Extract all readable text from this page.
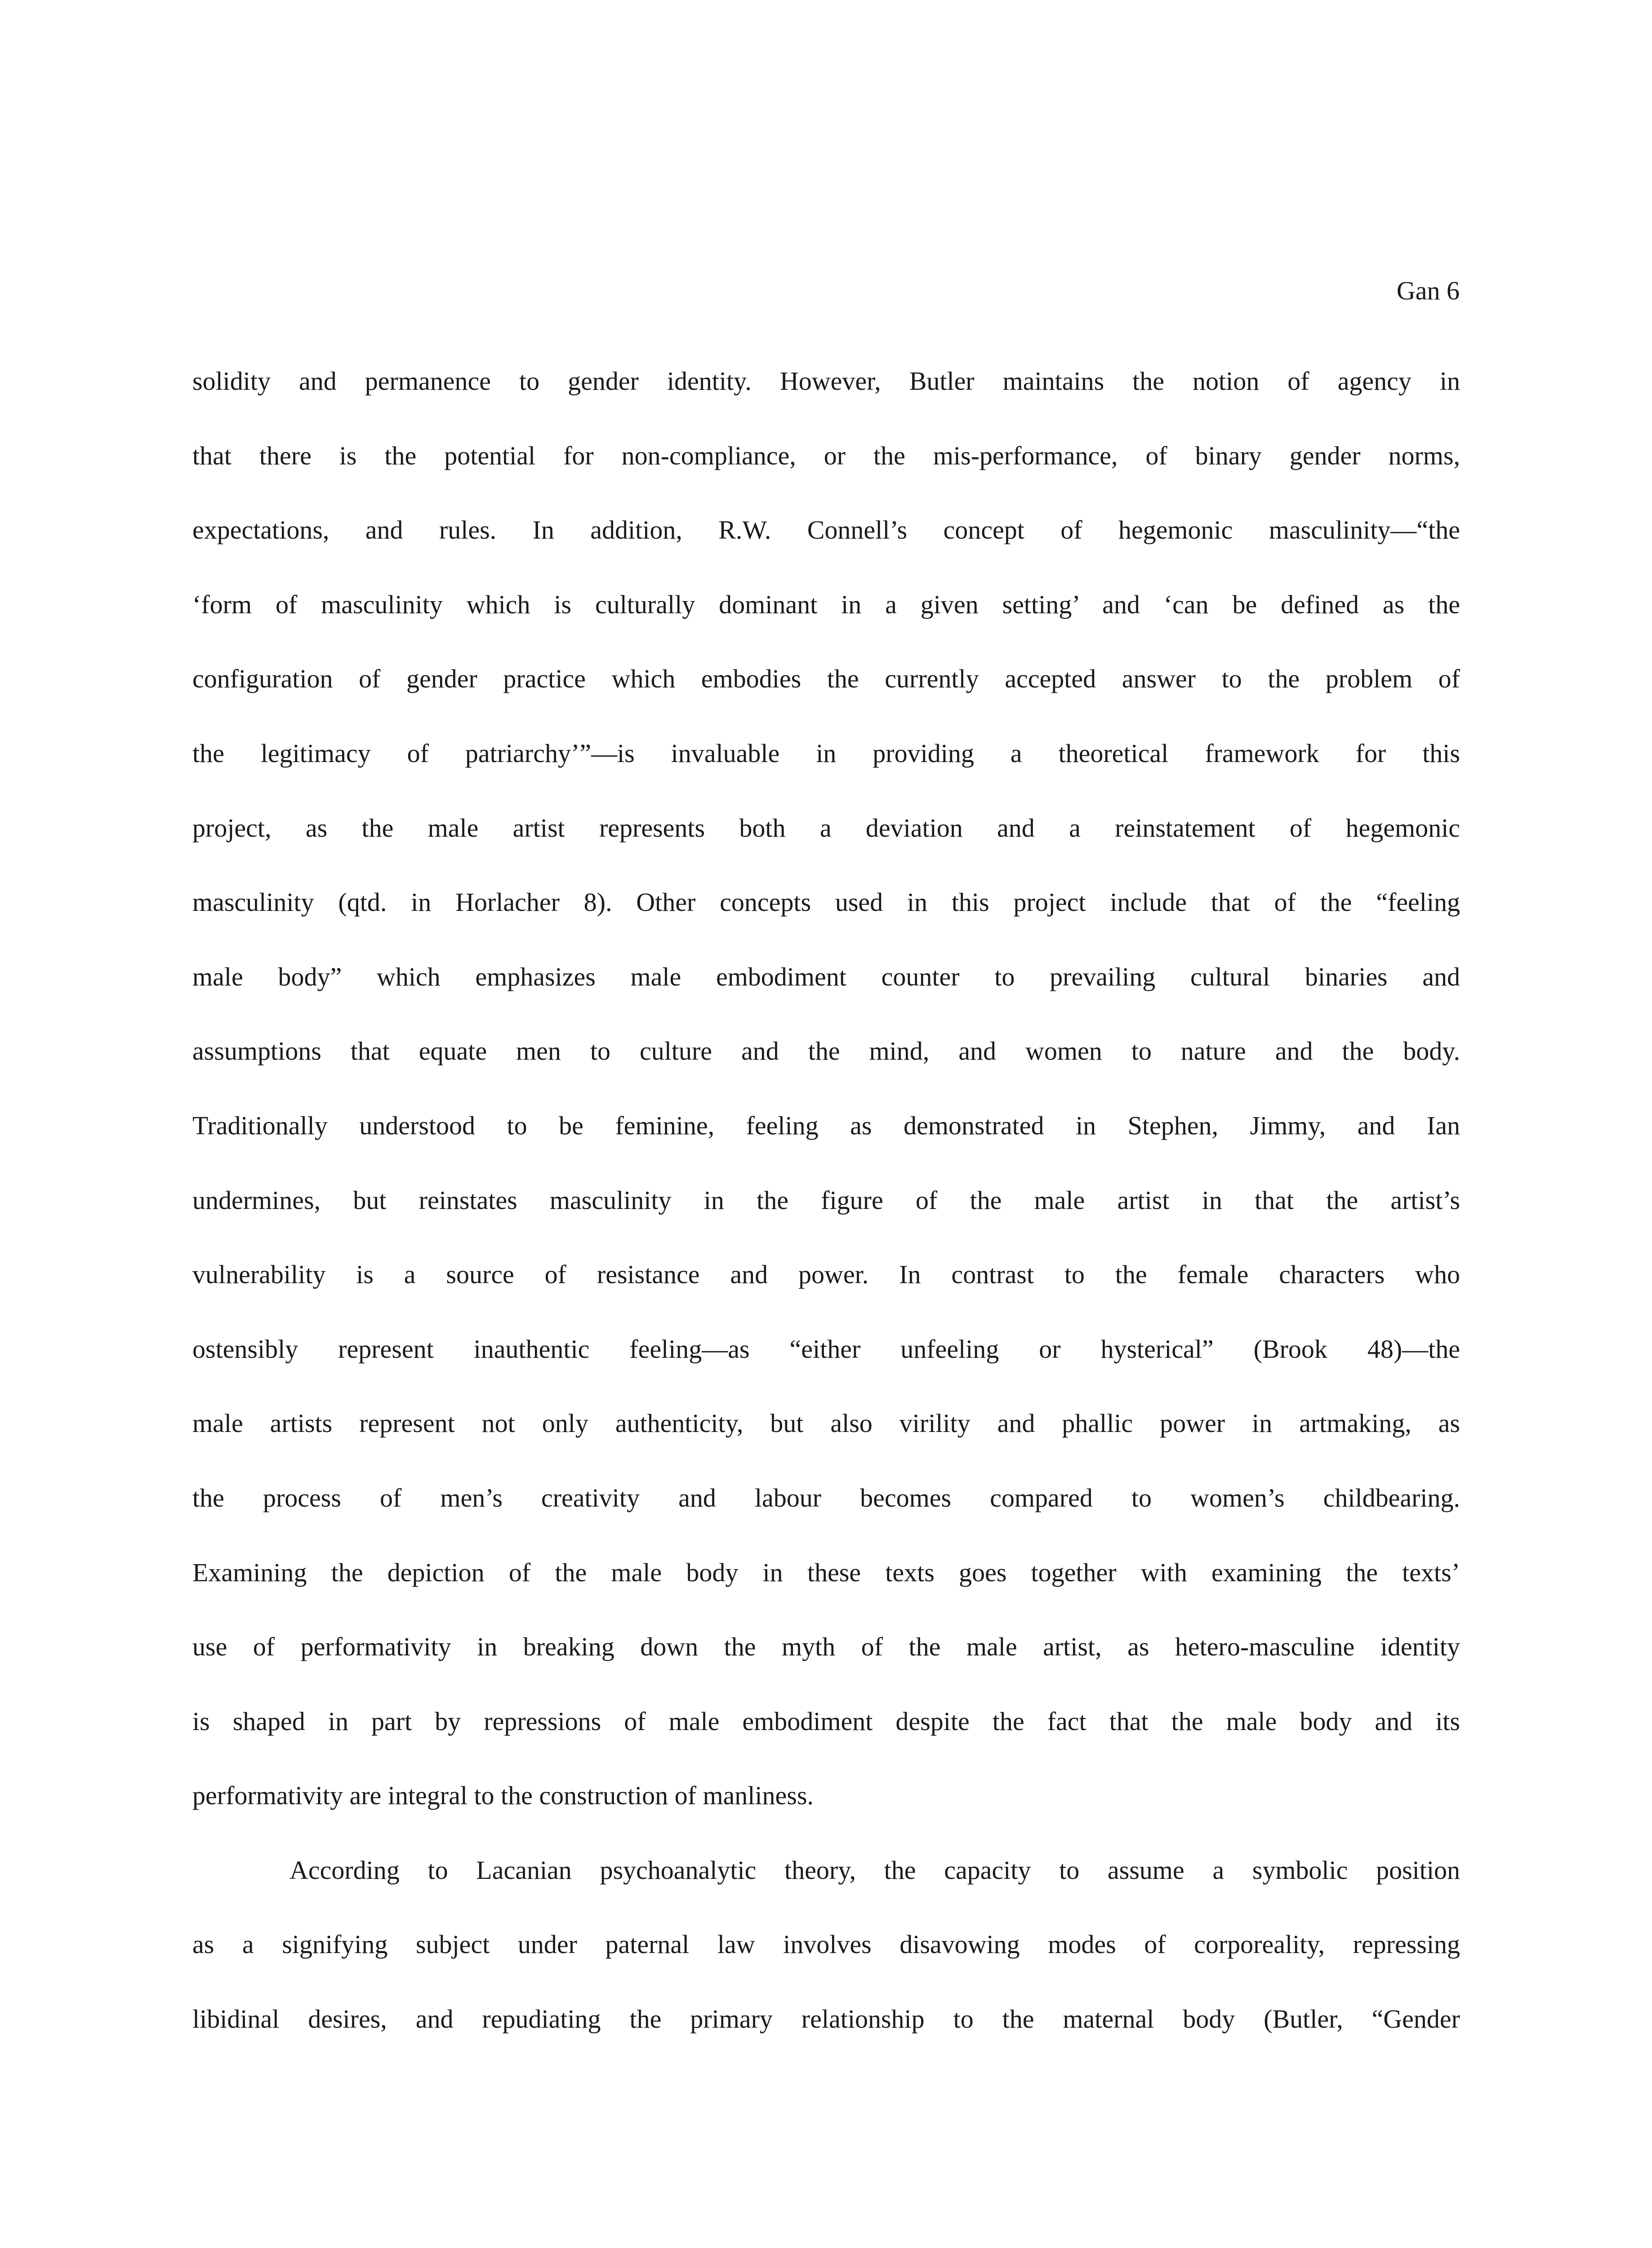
Gan 6
solidity and permanence to gender identity. However, Butler maintains the notion of agency in
that there is the potential for non-compliance, or the mis-performance, of binary gender norms,
expectations, and rules. In addition, R.W. Connell’s concept of hegemonic masculinity—“the
‘form of masculinity which is culturally dominant in a given setting’ and ‘can be defined as the
configuration of gender practice which embodies the currently accepted answer to the problem of
the legitimacy of patriarchy’”—is invaluable in providing a theoretical framework for this
project, as the male artist represents both a deviation and a reinstatement of hegemonic
masculinity (qtd. in Horlacher 8). Other concepts used in this project include that of the “feeling
male body” which emphasizes male embodiment counter to prevailing cultural binaries and
assumptions that equate men to culture and the mind, and women to nature and the body.
Traditionally understood to be feminine, feeling as demonstrated in Stephen, Jimmy, and Ian
undermines, but reinstates masculinity in the figure of the male artist in that the artist’s
vulnerability is a source of resistance and power. In contrast to the female characters who
ostensibly represent inauthentic feeling—as “either unfeeling or hysterical” (Brook 48)—the
male artists represent not only authenticity, but also virility and phallic power in artmaking, as
the process of men’s creativity and labour becomes compared to women’s childbearing.
Examining the depiction of the male body in these texts goes together with examining the texts’
use of performativity in breaking down the myth of the male artist, as hetero-masculine identity
is shaped in part by repressions of male embodiment despite the fact that the male body and its
performativity are integral to the construction of manliness.
According to Lacanian psychoanalytic theory, the capacity to assume a symbolic position
as a signifying subject under paternal law involves disavowing modes of corporeality, repressing
libidinal desires, and repudiating the primary relationship to the maternal body (Butler, “Gender
